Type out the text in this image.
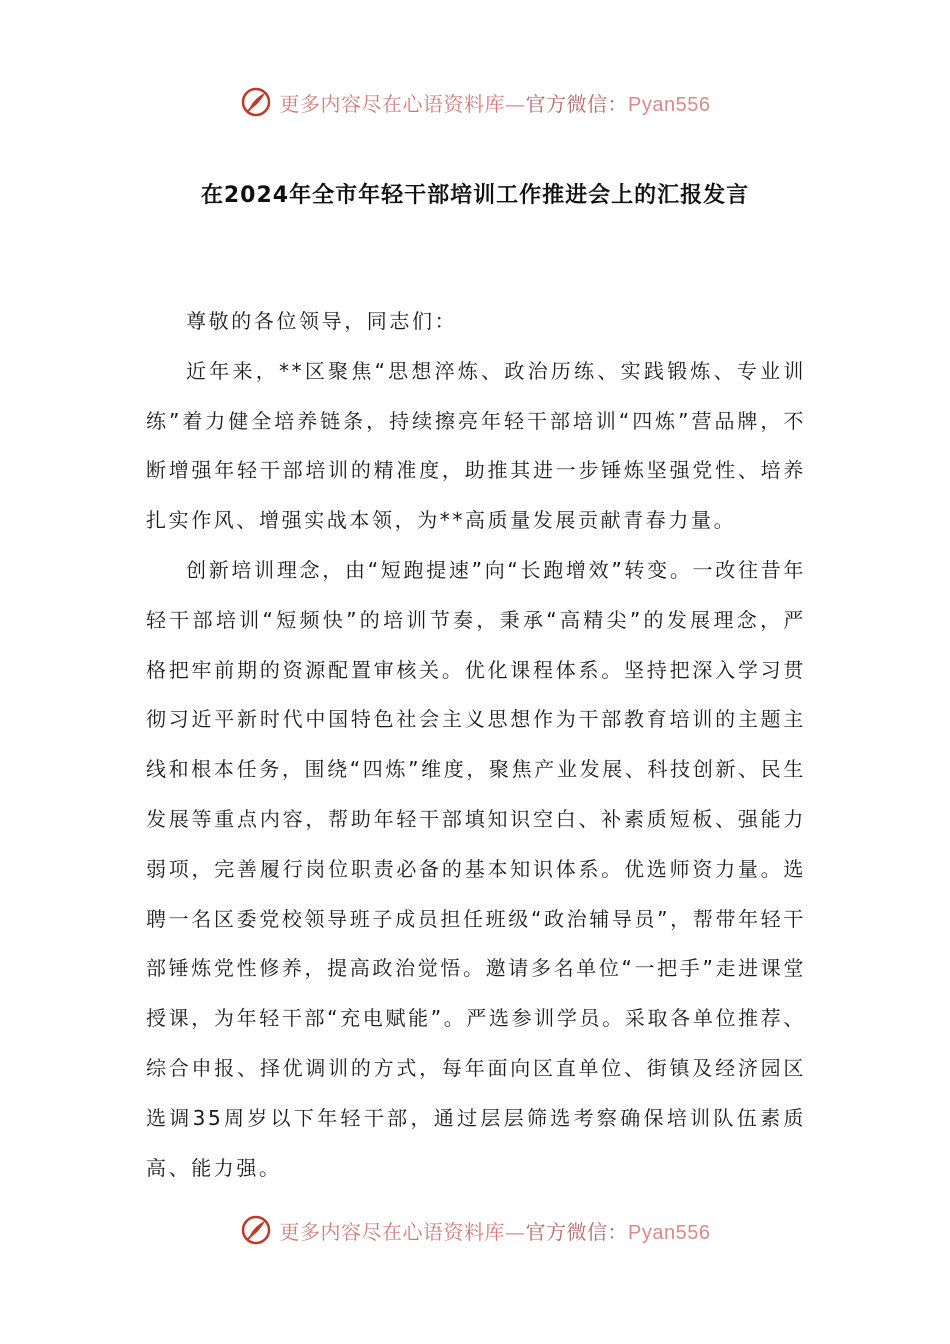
更多内容尽在心语资料库—官方微信：Pyan556
在2024年全市年轻干部培训工作推进会上的汇报发言

尊敬的各位领导，同志们：

近年来，**区聚焦“思想淬炼、政治历练、实践锻炼、专业训练”着力健全培养链条，持续擦亮年轻干部培训“四炼”营品牌，不断增强年轻干部培训的精准度，助推其进一步锤炼坚强党性、培养扎实作风、增强实战本领，为**高质量发展贡献青春力量。

创新培训理念，由“短跑提速”向“长跑增效”转变。一改往昔年轻干部培训“短频快”的培训节奏，秉承“高精尖”的发展理念，严格把牢前期的资源配置审核关。优化课程体系。坚持把深入学习贯彻习近平新时代中国特色社会主义思想作为干部教育培训的主题主线和根本任务，围绕“四炼”维度，聚焦产业发展、科技创新、民生发展等重点内容，帮助年轻干部填知识空白、补素质短板、强能力弱项，完善履行岗位职责必备的基本知识体系。优选师资力量。选聘一名区委党校领导班子成员担任班级“政治辅导员”，帮带年轻干部锤炼党性修养，提高政治觉悟。邀请多名单位“一把手”走进课堂授课，为年轻干部“充电赋能”。严选参训学员。采取各单位推荐、综合申报、择优调训的方式，每年面向区直单位、街镇及经济园区选调35周岁以下年轻干部，通过层层筛选考察确保培训队伍素质高、能力强。

更多内容尽在心语资料库—官方微信：Pyan556
